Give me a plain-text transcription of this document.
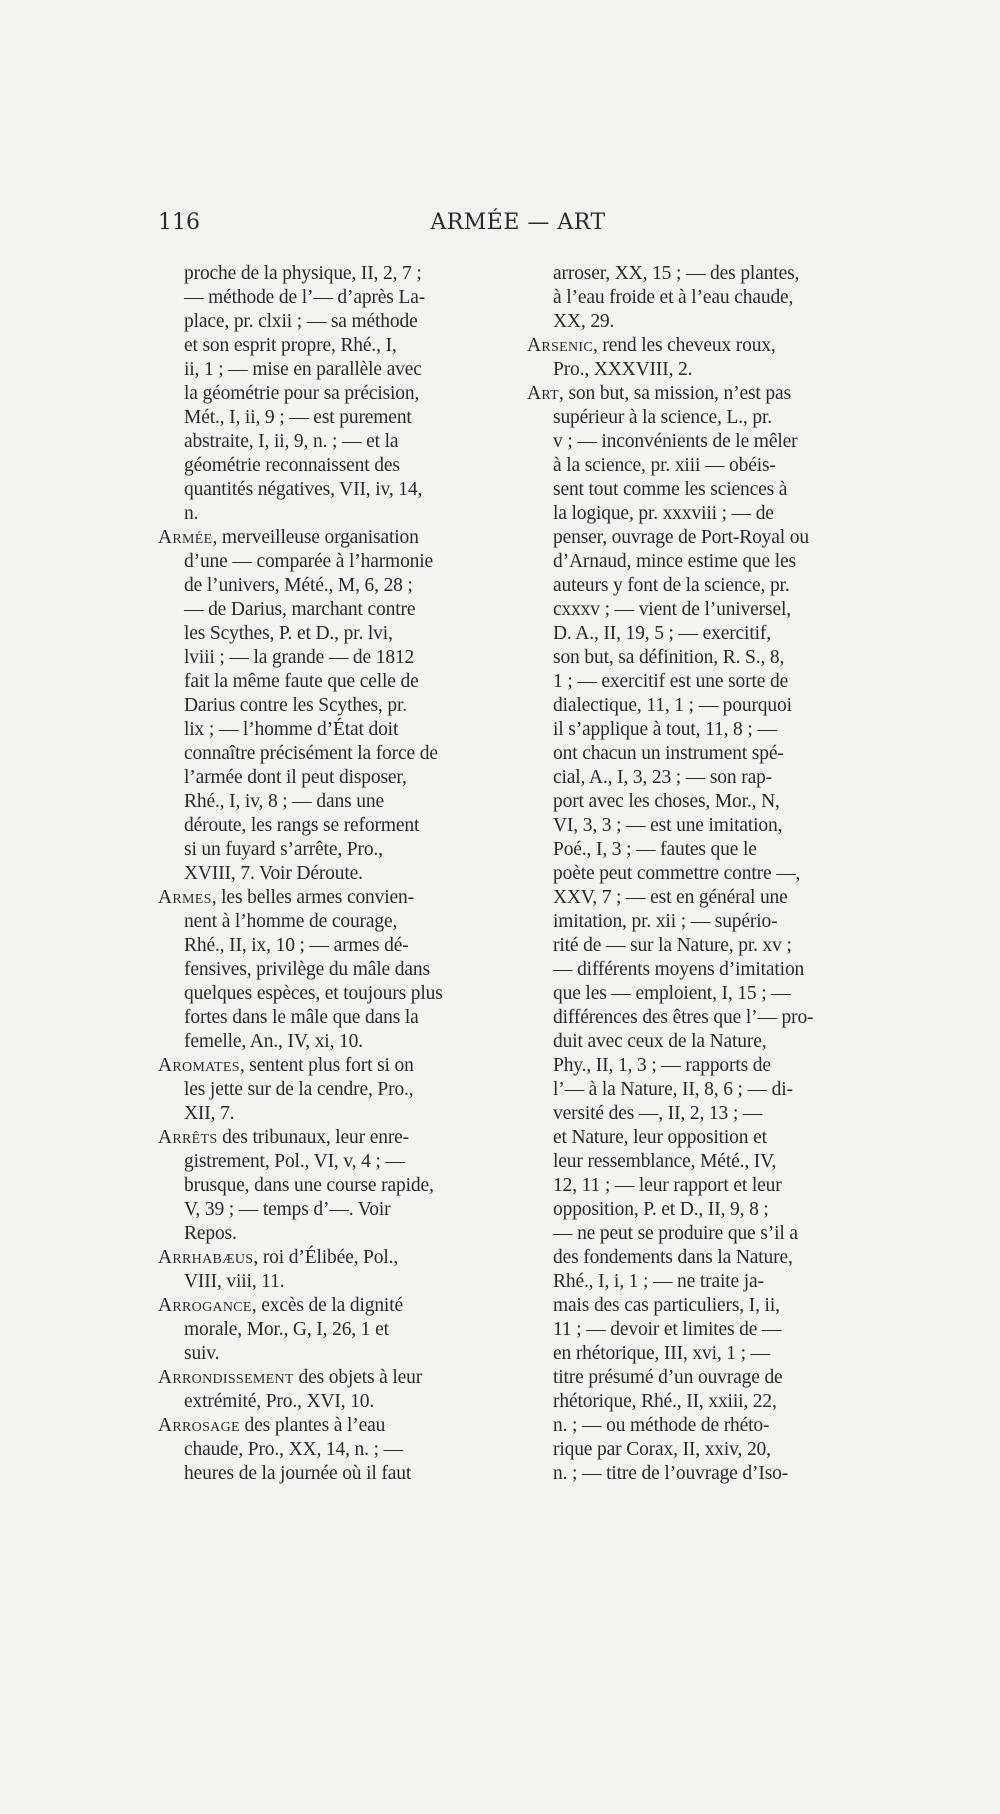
116	ARMÉE — ART
proche de la physique, II, 2, 7 ;
— méthode de l’— d’après La-
place, pr. clxii ; — sa méthode
et son esprit propre, Rhé., I,
ii, 1 ; — mise en parallèle avec
la géométrie pour sa précision,
Mét., I, ii, 9 ; — est purement
abstraite, I, ii, 9, n. ; — et la
géométrie reconnaissent des
quantités négatives, VII, iv, 14,
n.
Armée, merveilleuse organisation
d’une — comparée à l’harmonie
de l’univers, Mété., M, 6, 28 ;
— de Darius, marchant contre
les Scythes, P. et D., pr. lvi,
lviii ; — la grande — de 1812
fait la même faute que celle de
Darius contre les Scythes, pr.
lix ; — l’homme d’État doit
connaître précisément la force de
l’armée dont il peut disposer,
Rhé., I, iv, 8 ; — dans une
déroute, les rangs se reforment
si un fuyard s’arrête, Pro.,
XVIII, 7. Voir Déroute.
Armes, les belles armes convien-
nent à l’homme de courage,
Rhé., II, ix, 10 ; — armes dé-
fensives, privilège du mâle dans
quelques espèces, et toujours plus
fortes dans le mâle que dans la
femelle, An., IV, xi, 10.
Aromates, sentent plus fort si on
les jette sur de la cendre, Pro.,
XII, 7.
Arrêts des tribunaux, leur enre-
gistrement, Pol., VI, v, 4 ; —
brusque, dans une course rapide,
V, 39 ; — temps d’—. Voir
Repos.
Arrhabæus, roi d’Élibée, Pol.,
VIII, viii, 11.
Arrogance, excès de la dignité
morale, Mor., G, I, 26, 1 et
suiv.
Arrondissement des objets à leur
extrémité, Pro., XVI, 10.
Arrosage des plantes à l’eau
chaude, Pro., XX, 14, n. ; —
heures de la journée où il faut
arroser, XX, 15 ; — des plantes,
à l’eau froide et à l’eau chaude,
XX, 29.
Arsenic, rend les cheveux roux,
Pro., XXXVIII, 2.
Art, son but, sa mission, n’est pas
supérieur à la science, L., pr.
v ; — inconvénients de le mêler
à la science, pr. xiii — obéis-
sent tout comme les sciences à
la logique, pr. xxxviii ; — de
penser, ouvrage de Port-Royal ou
d’Arnaud, mince estime que les
auteurs y font de la science, pr.
cxxxv ; — vient de l’universel,
D. A., II, 19, 5 ; — exercitif,
son but, sa définition, R. S., 8,
1 ; — exercitif est une sorte de
dialectique, 11, 1 ; — pourquoi
il s’applique à tout, 11, 8 ; —
ont chacun un instrument spé-
cial, A., I, 3, 23 ; — son rap-
port avec les choses, Mor., N,
VI, 3, 3 ; — est une imitation,
Poé., I, 3 ; — fautes que le
poète peut commettre contre —,
XXV, 7 ; — est en général une
imitation, pr. xii ; — supério-
rité de — sur la Nature, pr. xv ;
— différents moyens d’imitation
que les — emploient, I, 15 ; —
différences des êtres que l’— pro-
duit avec ceux de la Nature,
Phy., II, 1, 3 ; — rapports de
l’— à la Nature, II, 8, 6 ; — di-
versité des —, II, 2, 13 ; —
et Nature, leur opposition et
leur ressemblance, Mété., IV,
12, 11 ; — leur rapport et leur
opposition, P. et D., II, 9, 8 ;
— ne peut se produire que s’il a
des fondements dans la Nature,
Rhé., I, i, 1 ; — ne traite ja-
mais des cas particuliers, I, ii,
11 ; — devoir et limites de —
en rhétorique, III, xvi, 1 ; —
titre présumé d’un ouvrage de
rhétorique, Rhé., II, xxiii, 22,
n. ; — ou méthode de rhéto-
rique par Corax, II, xxiv, 20,
n. ; — titre de l’ouvrage d’Iso-
